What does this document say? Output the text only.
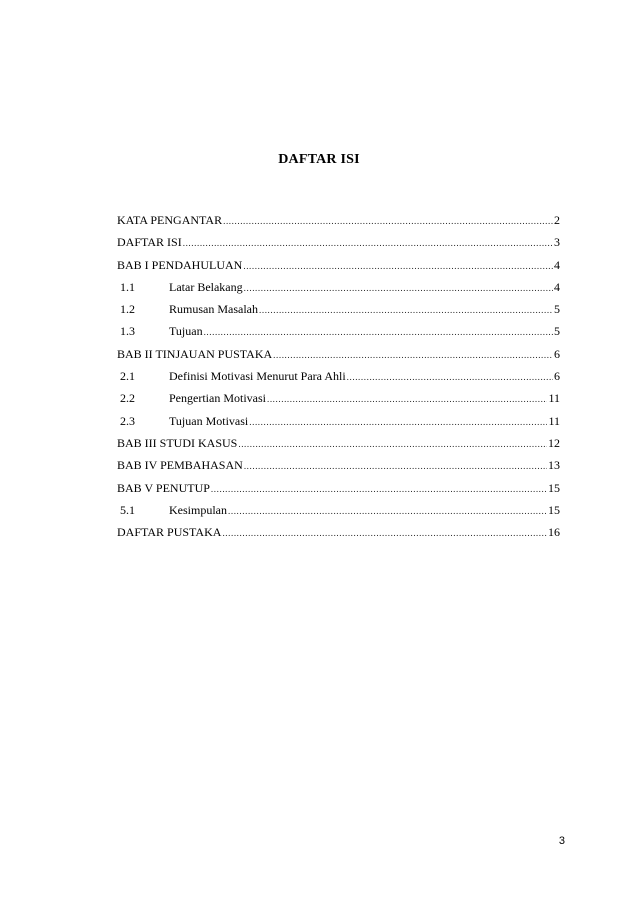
DAFTAR ISI
KATA PENGANTAR .....	2
DAFTAR ISI .....	3
BAB I PENDAHULUAN .....	4
1.1	Latar Belakang .....	4
1.2	Rumusan Masalah .....	5
1.3	Tujuan .....	5
BAB II TINJAUAN PUSTAKA .....	6
2.1	Definisi Motivasi Menurut Para Ahli .....	6
2.2	Pengertian Motivasi .....	11
2.3	Tujuan Motivasi .....	11
BAB III STUDI KASUS .....	12
BAB IV PEMBAHASAN .....	13
BAB V PENUTUP .....	15
5.1	Kesimpulan .....	15
DAFTAR PUSTAKA .....	16
3
